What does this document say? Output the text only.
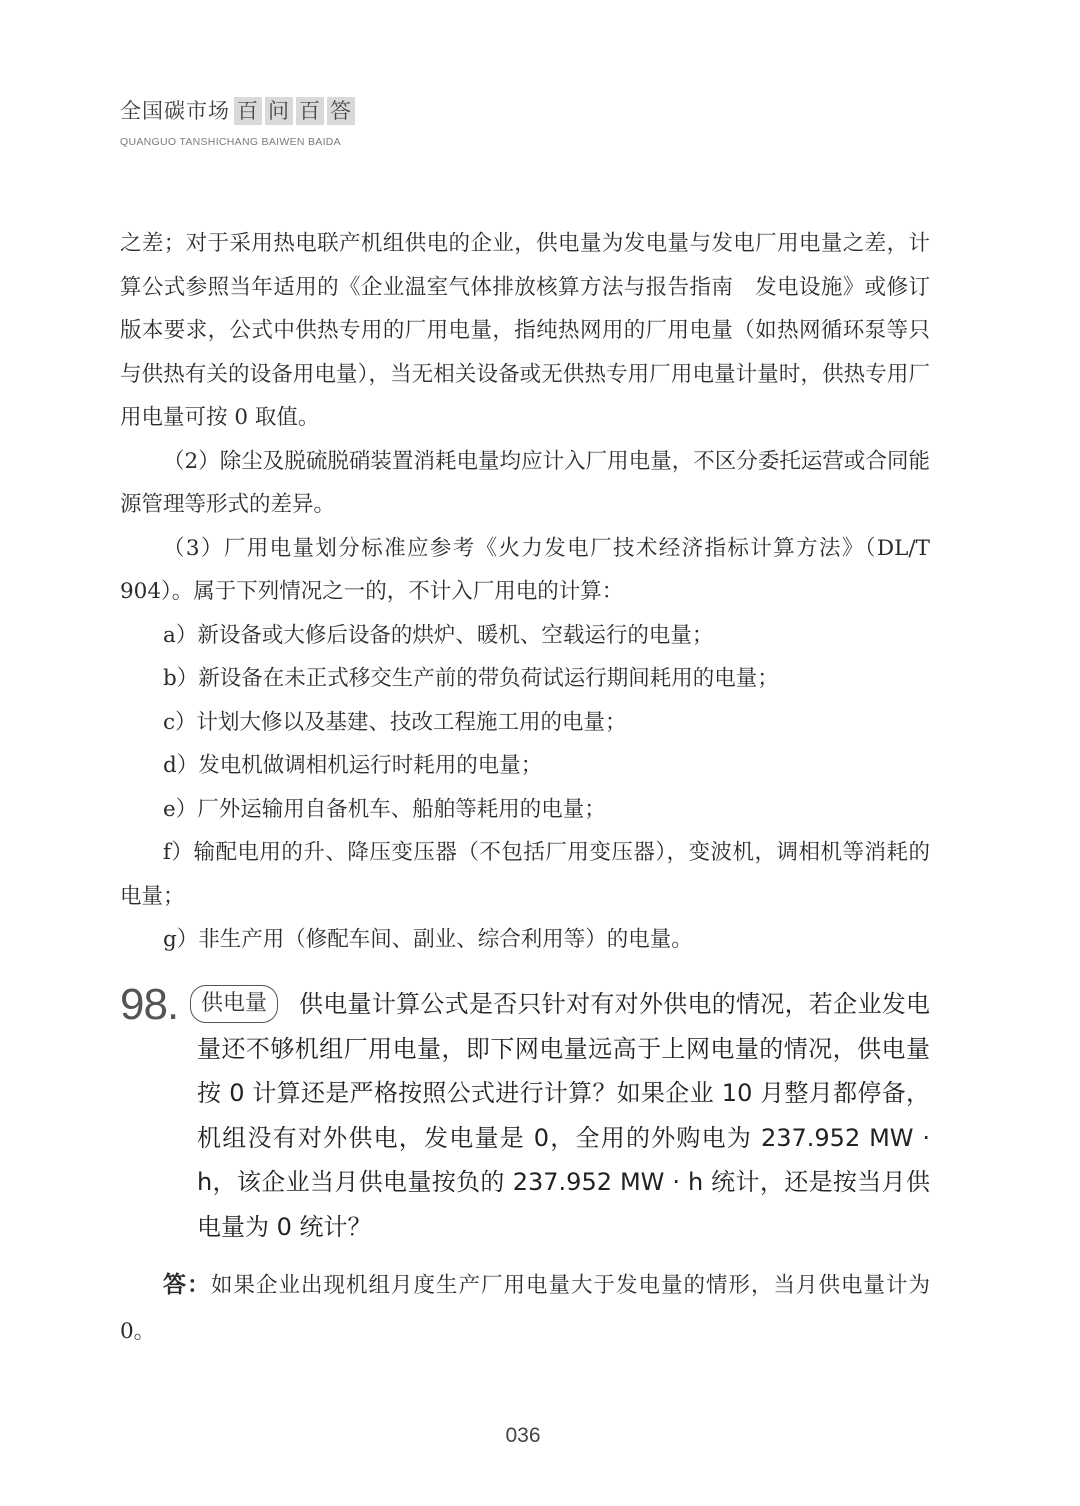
全国碳市场 百 问 百 答
QUANGUO TANSHICHANG BAIWEN BAIDA

之差；对于采用热电联产机组供电的企业，供电量为发电量与发电厂用电量之差，计算公式参照当年适用的《企业温室气体排放核算方法与报告指南　发电设施》或修订版本要求，公式中供热专用的厂用电量，指纯热网用的厂用电量（如热网循环泵等只与供热有关的设备用电量），当无相关设备或无供热专用厂用电量计量时，供热专用厂用电量可按 0 取值。

（2）除尘及脱硫脱硝装置消耗电量均应计入厂用电量，不区分委托运营或合同能源管理等形式的差异。

（3）厂用电量划分标准应参考《火力发电厂技术经济指标计算方法》（DL/T 904）。属于下列情况之一的，不计入厂用电的计算：

a）新设备或大修后设备的烘炉、暖机、空载运行的电量；

b）新设备在未正式移交生产前的带负荷试运行期间耗用的电量；

c）计划大修以及基建、技改工程施工用的电量；

d）发电机做调相机运行时耗用的电量；

e）厂外运输用自备机车、船舶等耗用的电量；

f）输配电用的升、降压变压器（不包括厂用变压器），变波机，调相机等消耗的电量；

g）非生产用（修配车间、副业、综合利用等）的电量。

98.	供电量	供电量计算公式是否只针对有对外供电的情况，若企业发电量还不够机组厂用电量，即下网电量远高于上网电量的情况，供电量按 0 计算还是严格按照公式进行计算？如果企业 10 月整月都停备，机组没有对外供电，发电量是 0，全用的外购电为 237.952 MW · h，该企业当月供电量按负的 237.952 MW · h 统计，还是按当月供电量为 0 统计？

答：如果企业出现机组月度生产厂用电量大于发电量的情形，当月供电量计为 0。

036
